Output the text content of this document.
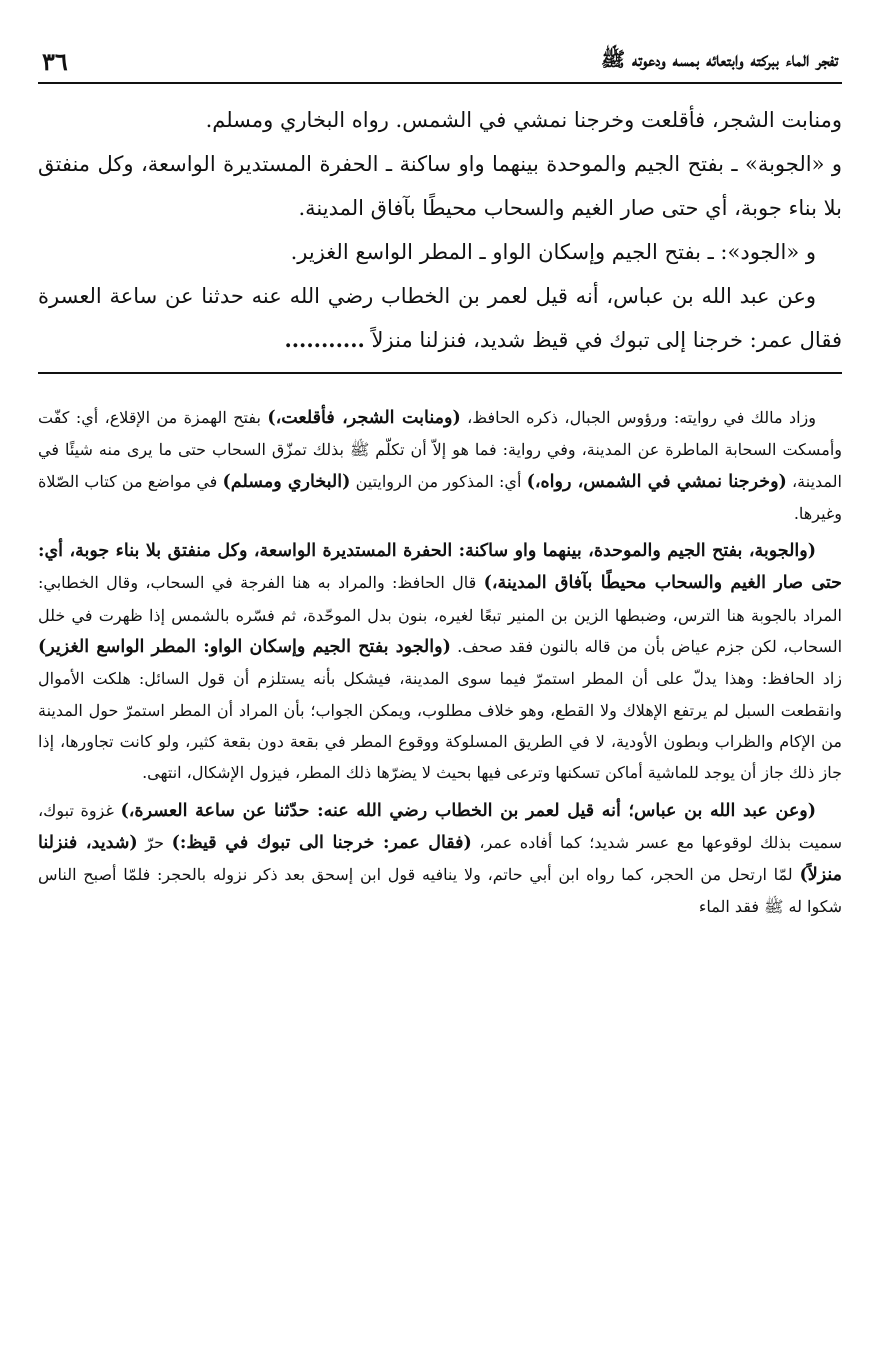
تفجر الماء ببركته وابتعائه بمسه ودعوته ﷺ
٣٦

ومنابت الشجر، فأقلعت وخرجنا نمشي في الشمس. رواه البخاري ومسلم.

و «الجوبة» ـ بفتح الجيم والموحدة بينهما واو ساكنة ـ الحفرة المستديرة الواسعة، وكل منفتق بلا بناء جوبة، أي حتى صار الغيم والسحاب محيطًا بآفاق المدينة.

و «الجود»: ـ بفتح الجيم وإسكان الواو ـ المطر الواسع الغزير.

وعن عبد الله بن عباس، أنه قيل لعمر بن الخطاب رضي الله عنه حدثنا عن ساعة العسرة فقال عمر: خرجنا إلى تبوك في قيظ شديد، فنزلنا منزلاً ...........

وزاد مالك في روايته: ورؤوس الجبال، ذكره الحافظ، (ومنابت الشجر، فأقلعت،) بفتح الهمزة من الإقلاع، أي: كفّت وأمسكت السحابة الماطرة عن المدينة، وفي رواية: فما هو إلاّ أن تكلّم ﷺ بذلك تمزّق السحاب حتى ما يرى منه شيئًا في المدينة، (وخرجنا نمشي في الشمس، رواه،) أي: المذكور من الروايتين (البخاري ومسلم) في مواضع من كتاب الصّلاة وغيرها.

(والجوبة، بفتح الجيم والموحدة، بينهما واو ساكنة: الحفرة المستديرة الواسعة، وكل منفتق بلا بناء جوبة، أي: حتى صار الغيم والسحاب محيطًا بآفاق المدينة،) قال الحافظ: والمراد به هنا الفرجة في السحاب، وقال الخطابي: المراد بالجوبة هنا الترس، وضبطها الزين بن المنير تبعًا لغيره، بنون بدل الموحّدة، ثم فسّره بالشمس إذا ظهرت في خلل السحاب، لكن جزم عياض بأن من قاله بالنون فقد صحف. (والجود بفتح الجيم وإسكان الواو: المطر الواسع الغزير) زاد الحافظ: وهذا يدلّ على أن المطر استمرّ فيما سوى المدينة، فيشكل بأنه يستلزم أن قول السائل: هلكت الأموال وانقطعت السبل لم يرتفع الإهلاك ولا القطع، وهو خلاف مطلوب، ويمكن الجواب؛ بأن المراد أن المطر استمرّ حول المدينة من الإكام والظراب وبطون الأودية، لا في الطريق المسلوكة ووقوع المطر في بقعة دون بقعة كثير، ولو كانت تجاورها، إذا جاز ذلك جاز أن يوجد للماشية أماكن تسكنها وترعى فيها بحيث لا يضرّها ذلك المطر، فيزول الإشكال، انتهى.

(وعن عبد الله بن عباس؛ أنه قيل لعمر بن الخطاب رضي الله عنه: حدّثنا عن ساعة العسرة،) غزوة تبوك، سميت بذلك لوقوعها مع عسر شديد؛ كما أفاده عمر، (فقال عمر: خرجنا الى تبوك في قيظ:) حرّ (شديد، فنزلنا منزلاً) لمّا ارتحل من الحجر، كما رواه ابن أبي حاتم، ولا ينافيه قول ابن إسحق بعد ذكر نزوله بالحجر: فلمّا أصبح الناس شكوا له ﷺ فقد الماء
